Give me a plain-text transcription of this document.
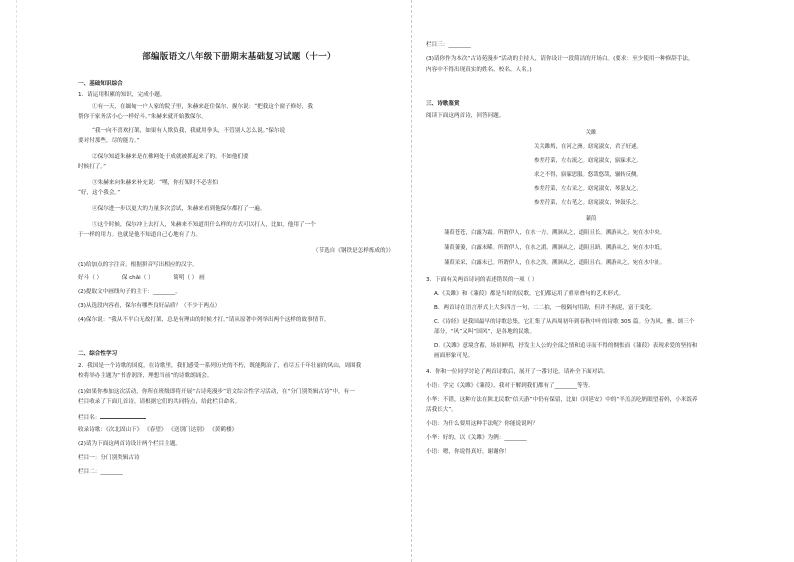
部编版语文八年级下册期末基础复习试题（十一）
一、基础知识综合
1．请运用积累的知识，完成小题。
①有一天，在缅甸一户人家的院子里，朱赫来赶住保尔，握尔说：“把我这个窗子修好，我
帮你干家务活小心一样好斗。”朱赫来就开始教保尔，
“我一向不喜欢打架，如果有人欺负我，我就用拳头，不管别人怎么说。”保尔说
要对付那些，尽的能力。”
②保尔知道朱赫来是在佛网处于成就被抓起来了的。不如他们要
时候打了。”
③朱赫来向朱赫来补充说：“嘿，你打架时不必害怕
“好，这个我会。”
④保尔进一步以更大的力量多次尝试，朱赫来看到他保尔都打了一遍。
⑤这个时候，保尔冲上去打人，朱赫来不知道用什么样的方式可以打人，比如，他用了一个
于一样的用力。也就是他不知道自己心地有了力。
（节选自《钢铁是怎样炼成的》）
(1)给加点的字注音，根据拼音写出相应的汉字。
好斗（ ）	保 chǎi（ ）	简明（ ） 画
(2)提取文中画线句子的主干：________。
(3)从选段内容看，保尔有哪些良好品质？（不少于两点）
(4)保尔说：“我从不平白无故打架，总是有理由的时候才打。”请从原著中列举出两个这样的故事情节。
二、综合性学习
2．我国是一个诗歌的国度，在诗歌里，我们感受一系列历史的不朽，既能陶冶了，看尽五千年壮丽的风山，周围我
校将举办主题为“书香润泽，理想当前”的诗歌朗诵会。
(1)如果你参加这次活动，你所在班级即将开展“古诗苑漫步”语文综合性学习活动，在“分门别类辑古诗”中，有一
栏目收录了下面几首诗，请根据它们的共同特点，给此栏目命名。
栏目名：
收录诗歌：《次北固山下》 《春望》 《送别门达别》 《黄鹤楼》
(2)请为下面这两首诗设计两个栏目主题。
栏目一：分门别类辑古诗
栏目二：________
栏目三：________
(3)请你作为本次“古诗苑漫步”活动的主持人，请你设计一段简洁的开场白。(要求：至少使用一种修辞手法，
内容中不得出现真实的姓名、校名、人名。)
三、诗歌鉴赏
阅读下面这两首诗，回答问题。
关雎
关关雎鸠，在河之洲。窈窕淑女，君子好逑。
参差荇菜，左右流之。窈窕淑女，寤寐求之。
求之不得，寤寐思服。悠哉悠哉，辗转反侧。
参差荇菜，左右采之。窈窕淑女，琴瑟友之。
参差荇菜，左右芼之。窈窕淑女，钟鼓乐之。
蒹葭
蒹葭苍苍，白露为霜。所谓伊人，在水一方。溯洄从之，道阻且长。溯游从之，宛在水中央。
蒹葭萋萋，白露未晞。所谓伊人，在水之湄。溯洄从之，道阻且跻。溯游从之，宛在水中坻。
蒹葭采采，白露未已。所谓伊人，在水之涘。溯洄从之，道阻且右。溯游从之，宛在水中沚。
3．下面有关两首诗词的表述错误的一项（ ）
A.《关雎》和《蒹葭》都是当时的民歌，它们都运用了重章叠句的艺术形式。
B．两首诗在语言形式上大多四言一句，二二拍，一般隔句用韵，但并不拘泥，富于变化。
C.《诗经》是我国最早的诗歌总集，它汇集了从西周初年到春秋中叶的诗歌 305 篇。分为风、雅、颂三个
部分，“风”又叫“国风”，是各地的民歌。
D.《关雎》意境含蓄，场景鲜明，抒发主人公的全部之情和追寻而不得的惆怅而《蒹葭》表现求爱的坚持和
画面形象可见。
4．你和一位同学讨论了两首诗歌后，展开了一番讨论。请补全下面对话。
小语：学完《关雎》《蒹葭》，我对于解到我们都有了________等等。
小华：不错，这种方法在陕北民歌“信天游”中仍有保留，比如《回延安》中的“羊羔羔吃奶眼望着妈，小米饭养
活我长大”。
小语：为什么要用这种手法呢？你能说说吗？
小华：好的，以《关雎》为例：________
小语：嗯，你说得真好，谢谢你！
